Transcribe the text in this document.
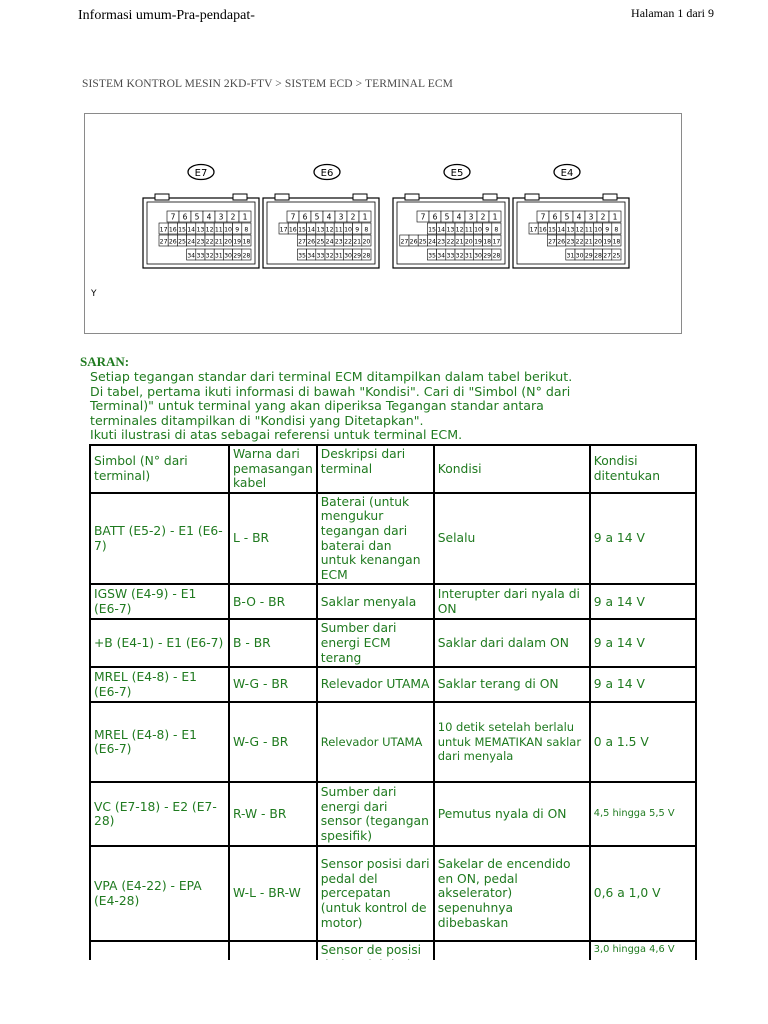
Informasi umum-Pra-pendapat-	Halaman 1 dari 9
SISTEM KONTROL MESIN 2KD-FTV > SISTEM ECD > TERMINAL ECM
E7
7 6 5 4 3 2 1
17 16 15 14 13 12 11 10 9 8
27 26 25 24 23 22 21 20 19 18
34 33 32 31 30 29 28
E6
7 6 5 4 3 2 1
17 16 15 14 13 12 11 10 9 8
27 26 25 24 23 22 21 20
35 34 33 32 31 30 29 28
E5
7 6 5 4 3 2 1
15 14 13 12 11 10 9 8
27 26 25 24 23 22 21 20 19 18 17
35 34 33 32 31 30 29 28
E4
7 6 5 4 3 2 1
17 16 15 14 13 12 11 10 9 8
27 26 23 22 21 20 19 18
31 30 29 28 27 25
Y
SARAN:
Setiap tegangan standar dari terminal ECM ditampilkan dalam tabel berikut.
Di tabel, pertama ikuti informasi di bawah "Kondisi". Cari di "Simbol (N° dari
Terminal)" untuk terminal yang akan diperiksa Tegangan standar antara
terminales ditampilkan di "Kondisi yang Ditetapkan".
Ikuti ilustrasi di atas sebagai referensi untuk terminal ECM.
Simbol (N° dari terminal)	Warna dari pemasangan kabel	Deskripsi dari terminal	Kondisi	Kondisi ditentukan
BATT (E5-2) - E1 (E6-7)	L - BR	Baterai (untuk mengukur tegangan dari baterai dan untuk kenangan ECM	Selalu	9 a 14 V
IGSW (E4-9) - E1 (E6-7)	B-O - BR	Saklar menyala	Interupter dari nyala di ON	9 a 14 V
+B (E4-1) - E1 (E6-7)	B - BR	Sumber dari energi ECM terang	Saklar dari dalam ON	9 a 14 V
MREL (E4-8) - E1 (E6-7)	W-G - BR	Relevador UTAMA	Saklar terang di ON	9 a 14 V
MREL (E4-8) - E1 (E6-7)	W-G - BR	Relevador UTAMA	10 detik setelah berlalu untuk MEMATIKAN saklar dari menyala	0 a 1.5 V
VC (E7-18) - E2 (E7-28)	R-W - BR	Sumber dari energi dari sensor (tegangan spesifik)	Pemutus nyala di ON	4,5 hingga 5,5 V
VPA (E4-22) - EPA (E4-28)	W-L - BR-W	Sensor posisi dari pedal del percepatan (untuk kontrol de motor)	Sakelar de encendido en ON, pedal akselerator) sepenuhnya dibebaskan	0,6 a 1,0 V
		Sensor de posisi		3,0 hingga 4,6 V
